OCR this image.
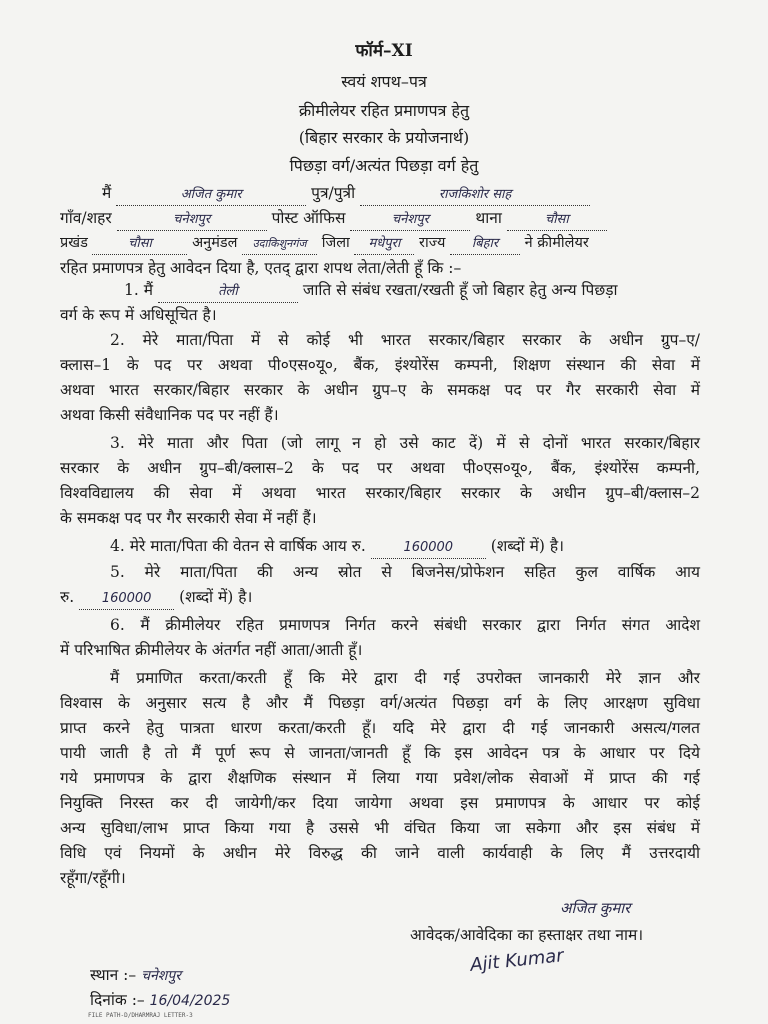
फॉर्म–XI
स्वयं शपथ–पत्र
क्रीमीलेयर रहित प्रमाणपत्र हेतु
(बिहार सरकार के प्रयोजनार्थ)
पिछड़ा वर्ग/अत्यंत पिछड़ा वर्ग हेतु
मैं	अजित कुमार	पुत्र/पुत्री	राजकिशोर साह
गाँव/शहर	चनेशपुर	पोस्ट ऑफिस	चनेशपुर	थाना	चौसा
प्रखंड	चौसा	अनुमंडल उदाकिशुनगंज जिला मधेपुरा राज्य बिहार ने क्रीमीलेयर
रहित प्रमाणपत्र हेतु आवेदन दिया है, एतद् द्वारा शपथ लेता/लेती हूँ कि :–
1. मैं	तेली	जाति से संबंध रखता/रखती हूँ जो बिहार हेतु अन्य पिछड़ा
वर्ग के रूप में अधिसूचित है।
2. मेरे माता/पिता में से कोई भी भारत सरकार/बिहार सरकार के अधीन ग्रुप–ए/
क्लास–1 के पद पर अथवा पी०एस०यू०, बैंक, इंश्योरेंस कम्पनी, शिक्षण संस्थान की सेवा में
अथवा भारत सरकार/बिहार सरकार के अधीन ग्रुप–ए के समकक्ष पद पर गैर सरकारी सेवा में
अथवा किसी संवैधानिक पद पर नहीं हैं।
3. मेरे माता और पिता (जो लागू न हो उसे काट दें) में से दोनों भारत सरकार/बिहार
सरकार के अधीन ग्रुप–बी/क्लास–2 के पद पर अथवा पी०एस०यू०, बैंक, इंश्योरेंस कम्पनी,
विश्वविद्यालय की सेवा में अथवा भारत सरकार/बिहार सरकार के अधीन ग्रुप–बी/क्लास–2
के समकक्ष पद पर गैर सरकारी सेवा में नहीं हैं।
4. मेरे माता/पिता की वेतन से वार्षिक आय रु.	160000 (शब्दों में) है।
5. मेरे माता/पिता की अन्य स्रोत से बिजनेस/प्रोफेशन सहित कुल वार्षिक आय
रु. 160000 (शब्दों में) है।
6. मैं क्रीमीलेयर रहित प्रमाणपत्र निर्गत करने संबंधी सरकार द्वारा निर्गत संगत आदेश
में परिभाषित क्रीमीलेयर के अंतर्गत नहीं आता/आती हूँ।
मैं प्रमाणित करता/करती हूँ कि मेरे द्वारा दी गई उपरोक्त जानकारी मेरे ज्ञान और
विश्वास के अनुसार सत्य है और मैं पिछड़ा वर्ग/अत्यंत पिछड़ा वर्ग के लिए आरक्षण सुविधा
प्राप्त करने हेतु पात्रता धारण करता/करती हूँ। यदि मेरे द्वारा दी गई जानकारी असत्य/गलत
पायी जाती है तो मैं पूर्ण रूप से जानता/जानती हूँ कि इस आवेदन पत्र के आधार पर दिये
गये प्रमाणपत्र के द्वारा शैक्षणिक संस्थान में लिया गया प्रवेश/लोक सेवाओं में प्राप्त की गई
नियुक्ति निरस्त कर दी जायेगी/कर दिया जायेगा अथवा इस प्रमाणपत्र के आधार पर कोई
अन्य सुविधा/लाभ प्राप्त किया गया है उससे भी वंचित किया जा सकेगा और इस संबंध में
विधि एवं नियमों के अधीन मेरे विरुद्ध की जाने वाली कार्यवाही के लिए मैं उत्तरदायी
रहूँगा/रहूँगी।
अजित कुमार
आवेदक/आवेदिका का हस्ताक्षर तथा नाम।
Ajit Kumar
स्थान :– चनेशपुर
दिनांक :– 16/04/2025
FILE PATH-D/DHARMRAJ LETTER-3
